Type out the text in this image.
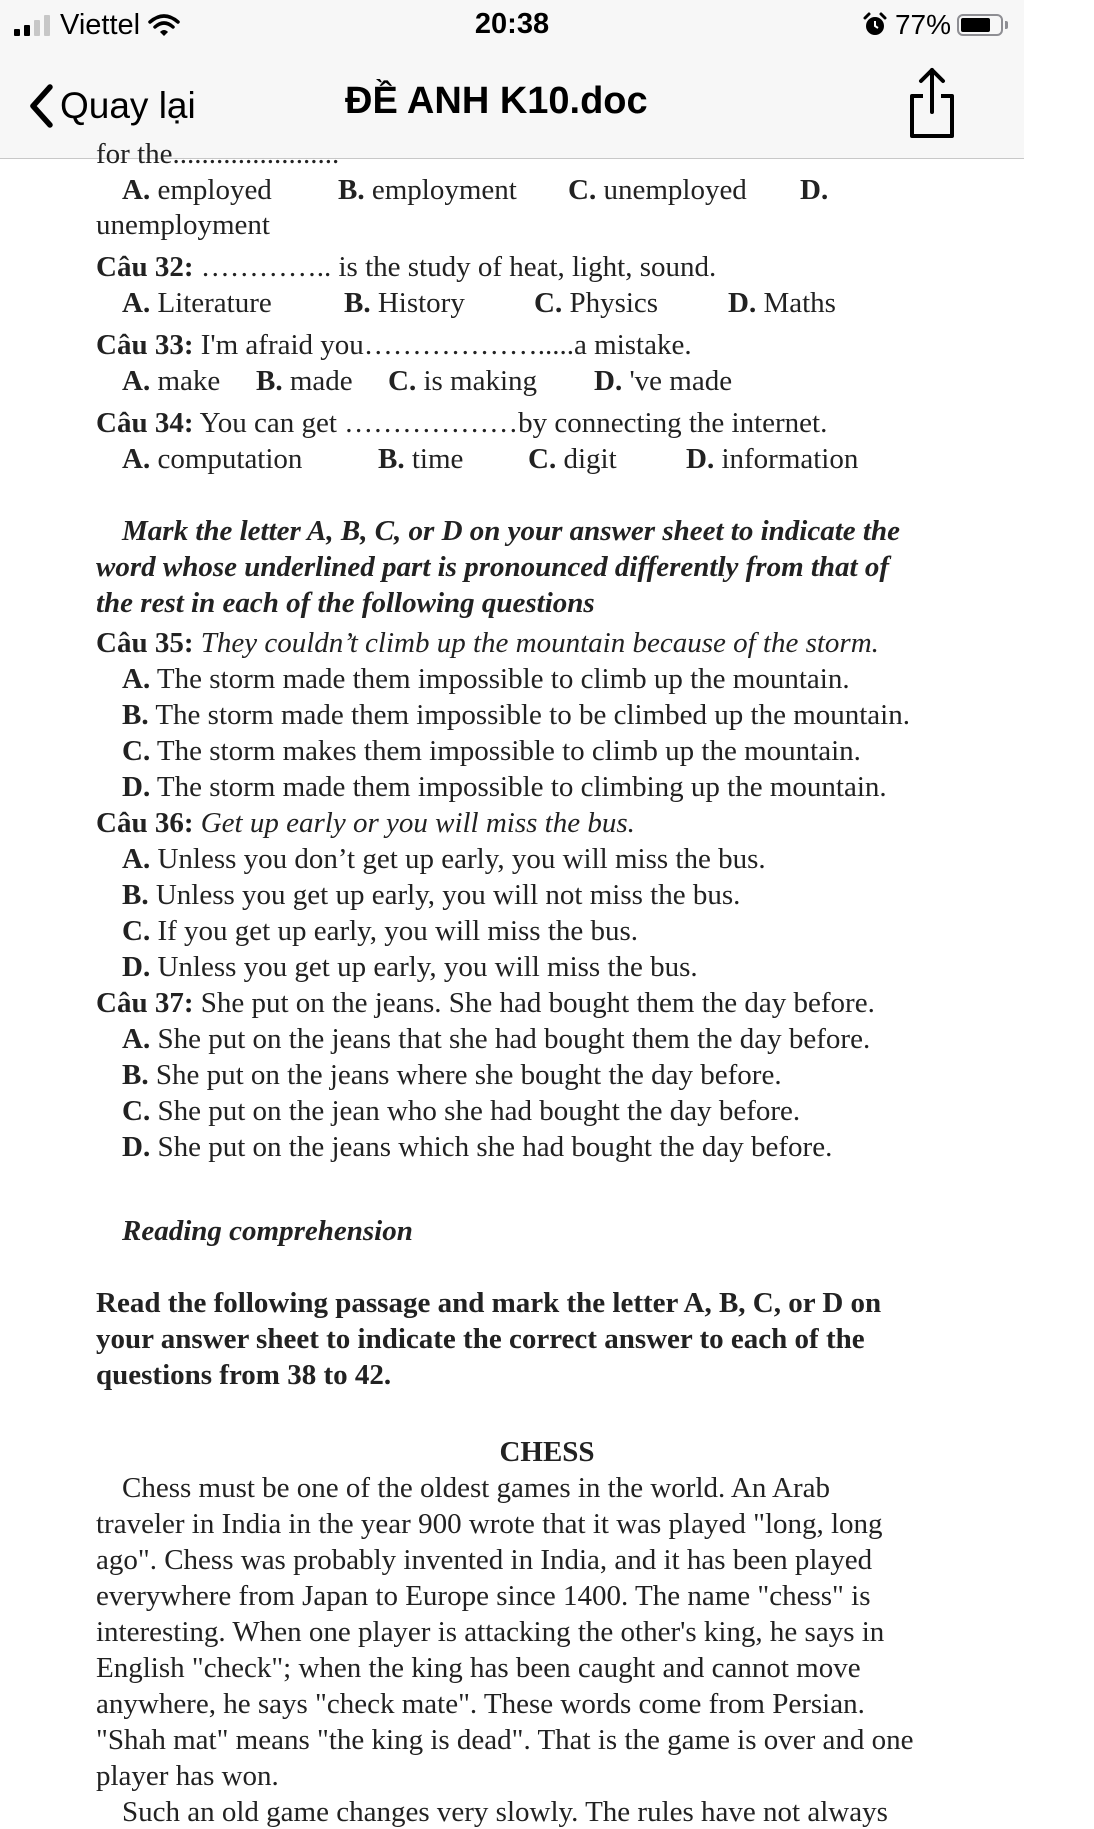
Viettel	20:38	77%
Quay lại	ĐỀ ANH K10.doc
for the.......................
A. employed B. employment C. unemployed D.
unemployment
Câu 32: ………….. is the study of heat, light, sound.
A. Literature B. History C. Physics D. Maths
Câu 33: I'm afraid you……………….....a mistake.
A. make B. made C. is making D. 've made
Câu 34: You can get ………………by connecting the internet.
A. computation	B. time C. digit D. information
Mark the letter A, B, C, or D on your answer sheet to indicate the
word whose underlined part is pronounced differently from that of
the rest in each of the following questions
Câu 35: They couldn’t climb up the mountain because of the storm.
A. The storm made them impossible to climb up the mountain.
B. The storm made them impossible to be climbed up the mountain.
C. The storm makes them impossible to climb up the mountain.
D. The storm made them impossible to climbing up the mountain.
Câu 36: Get up early or you will miss the bus.
A. Unless you don’t get up early, you will miss the bus.
B. Unless you get up early, you will not miss the bus.
C. If you get up early, you will miss the bus.
D. Unless you get up early, you will miss the bus.
Câu 37: She put on the jeans. She had bought them the day before.
A. She put on the jeans that she had bought them the day before.
B. She put on the jeans where she bought the day before.
C. She put on the jean who she had bought the day before.
D. She put on the jeans which she had bought the day before.
Reading comprehension
Read the following passage and mark the letter A, B, C, or D on
your answer sheet to indicate the correct answer to each of the
questions from 38 to 42.
CHESS
Chess must be one of the oldest games in the world. An Arab
traveler in India in the year 900 wrote that it was played "long, long
ago". Chess was probably invented in India, and it has been played
everywhere from Japan to Europe since 1400. The name "chess" is
interesting. When one player is attacking the other's king, he says in
English "check"; when the king has been caught and cannot move
anywhere, he says "check mate". These words come from Persian.
"Shah mat" means "the king is dead". That is the game is over and one
player has won.
Such an old game changes very slowly. The rules have not always
